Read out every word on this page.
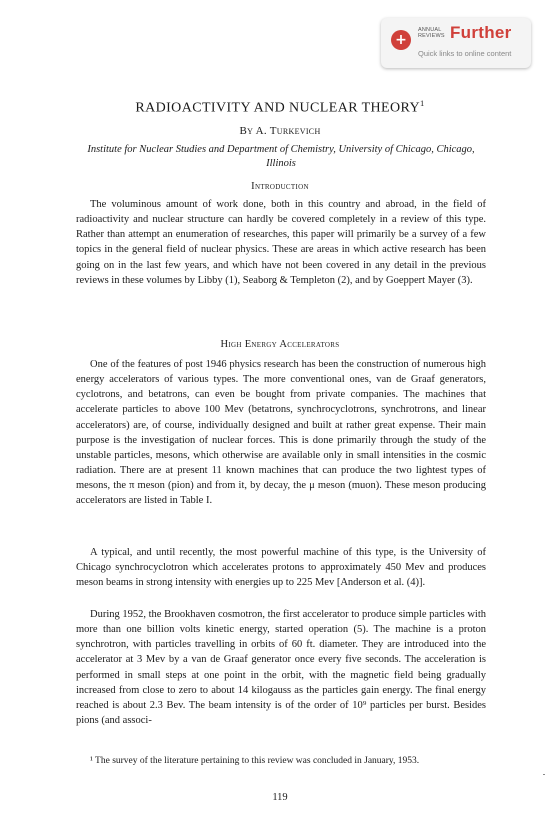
+
ANNUAL
REVIEWS Further
Quick links to online content
RADIOACTIVITY AND NUCLEAR THEORY$^1$
By A. Turkevich
Institute for Nuclear Studies and Department of Chemistry, University of Chicago, Chicago, Illinois
Introduction

The voluminous amount of work done, both in this country and abroad, in the field of radioactivity and nuclear structure can hardly be covered completely in a review of this type. Rather than attempt an enumeration of researches, this paper will primarily be a survey of a few topics in the general field of nuclear physics. These are areas in which active research has been going on in the last few years, and which have not been covered in any detail in the previous reviews in these volumes by Libby (1), Seaborg & Templeton (2), and by Goeppert Mayer (3).

High Energy Accelerators

One of the features of post 1946 physics research has been the construction of numerous high energy accelerators of various types. The more conventional ones, van de Graaf generators, cyclotrons, and betatrons, can even be bought from private companies. The machines that accelerate particles to above 100 Mev (betatrons, synchrocyclotrons, synchrotrons, and linear accelerators) are, of course, individually designed and built at rather great expense. Their main purpose is the investigation of nuclear forces. This is done primarily through the study of the unstable particles, mesons, which otherwise are available only in small intensities in the cosmic radiation. There are at present 11 known machines that can produce the two lightest types of mesons, the π meson (pion) and from it, by decay, the μ meson (muon). These meson producing accelerators are listed in Table I.

A typical, and until recently, the most powerful machine of this type, is the University of Chicago synchrocyclotron which accelerates protons to approximately 450 Mev and produces meson beams in strong intensity with energies up to 225 Mev [Anderson et al. (4)].

During 1952, the Brookhaven cosmotron, the first accelerator to produce simple particles with more than one billion volts kinetic energy, started operation (5). The machine is a proton synchrotron, with particles travelling in orbits of 60 ft. diameter. They are introduced into the accelerator at 3 Mev by a van de Graaf generator once every five seconds. The acceleration is performed in small steps at one point in the orbit, with the magnetic field being gradually increased from close to zero to about 14 kilogauss as the particles gain energy. The final energy reached is about 2.3 Bev. The beam intensity is of the order of 10⁹ particles per burst. Besides pions (and associ-

¹ The survey of the literature pertaining to this review was concluded in January, 1953.

119
